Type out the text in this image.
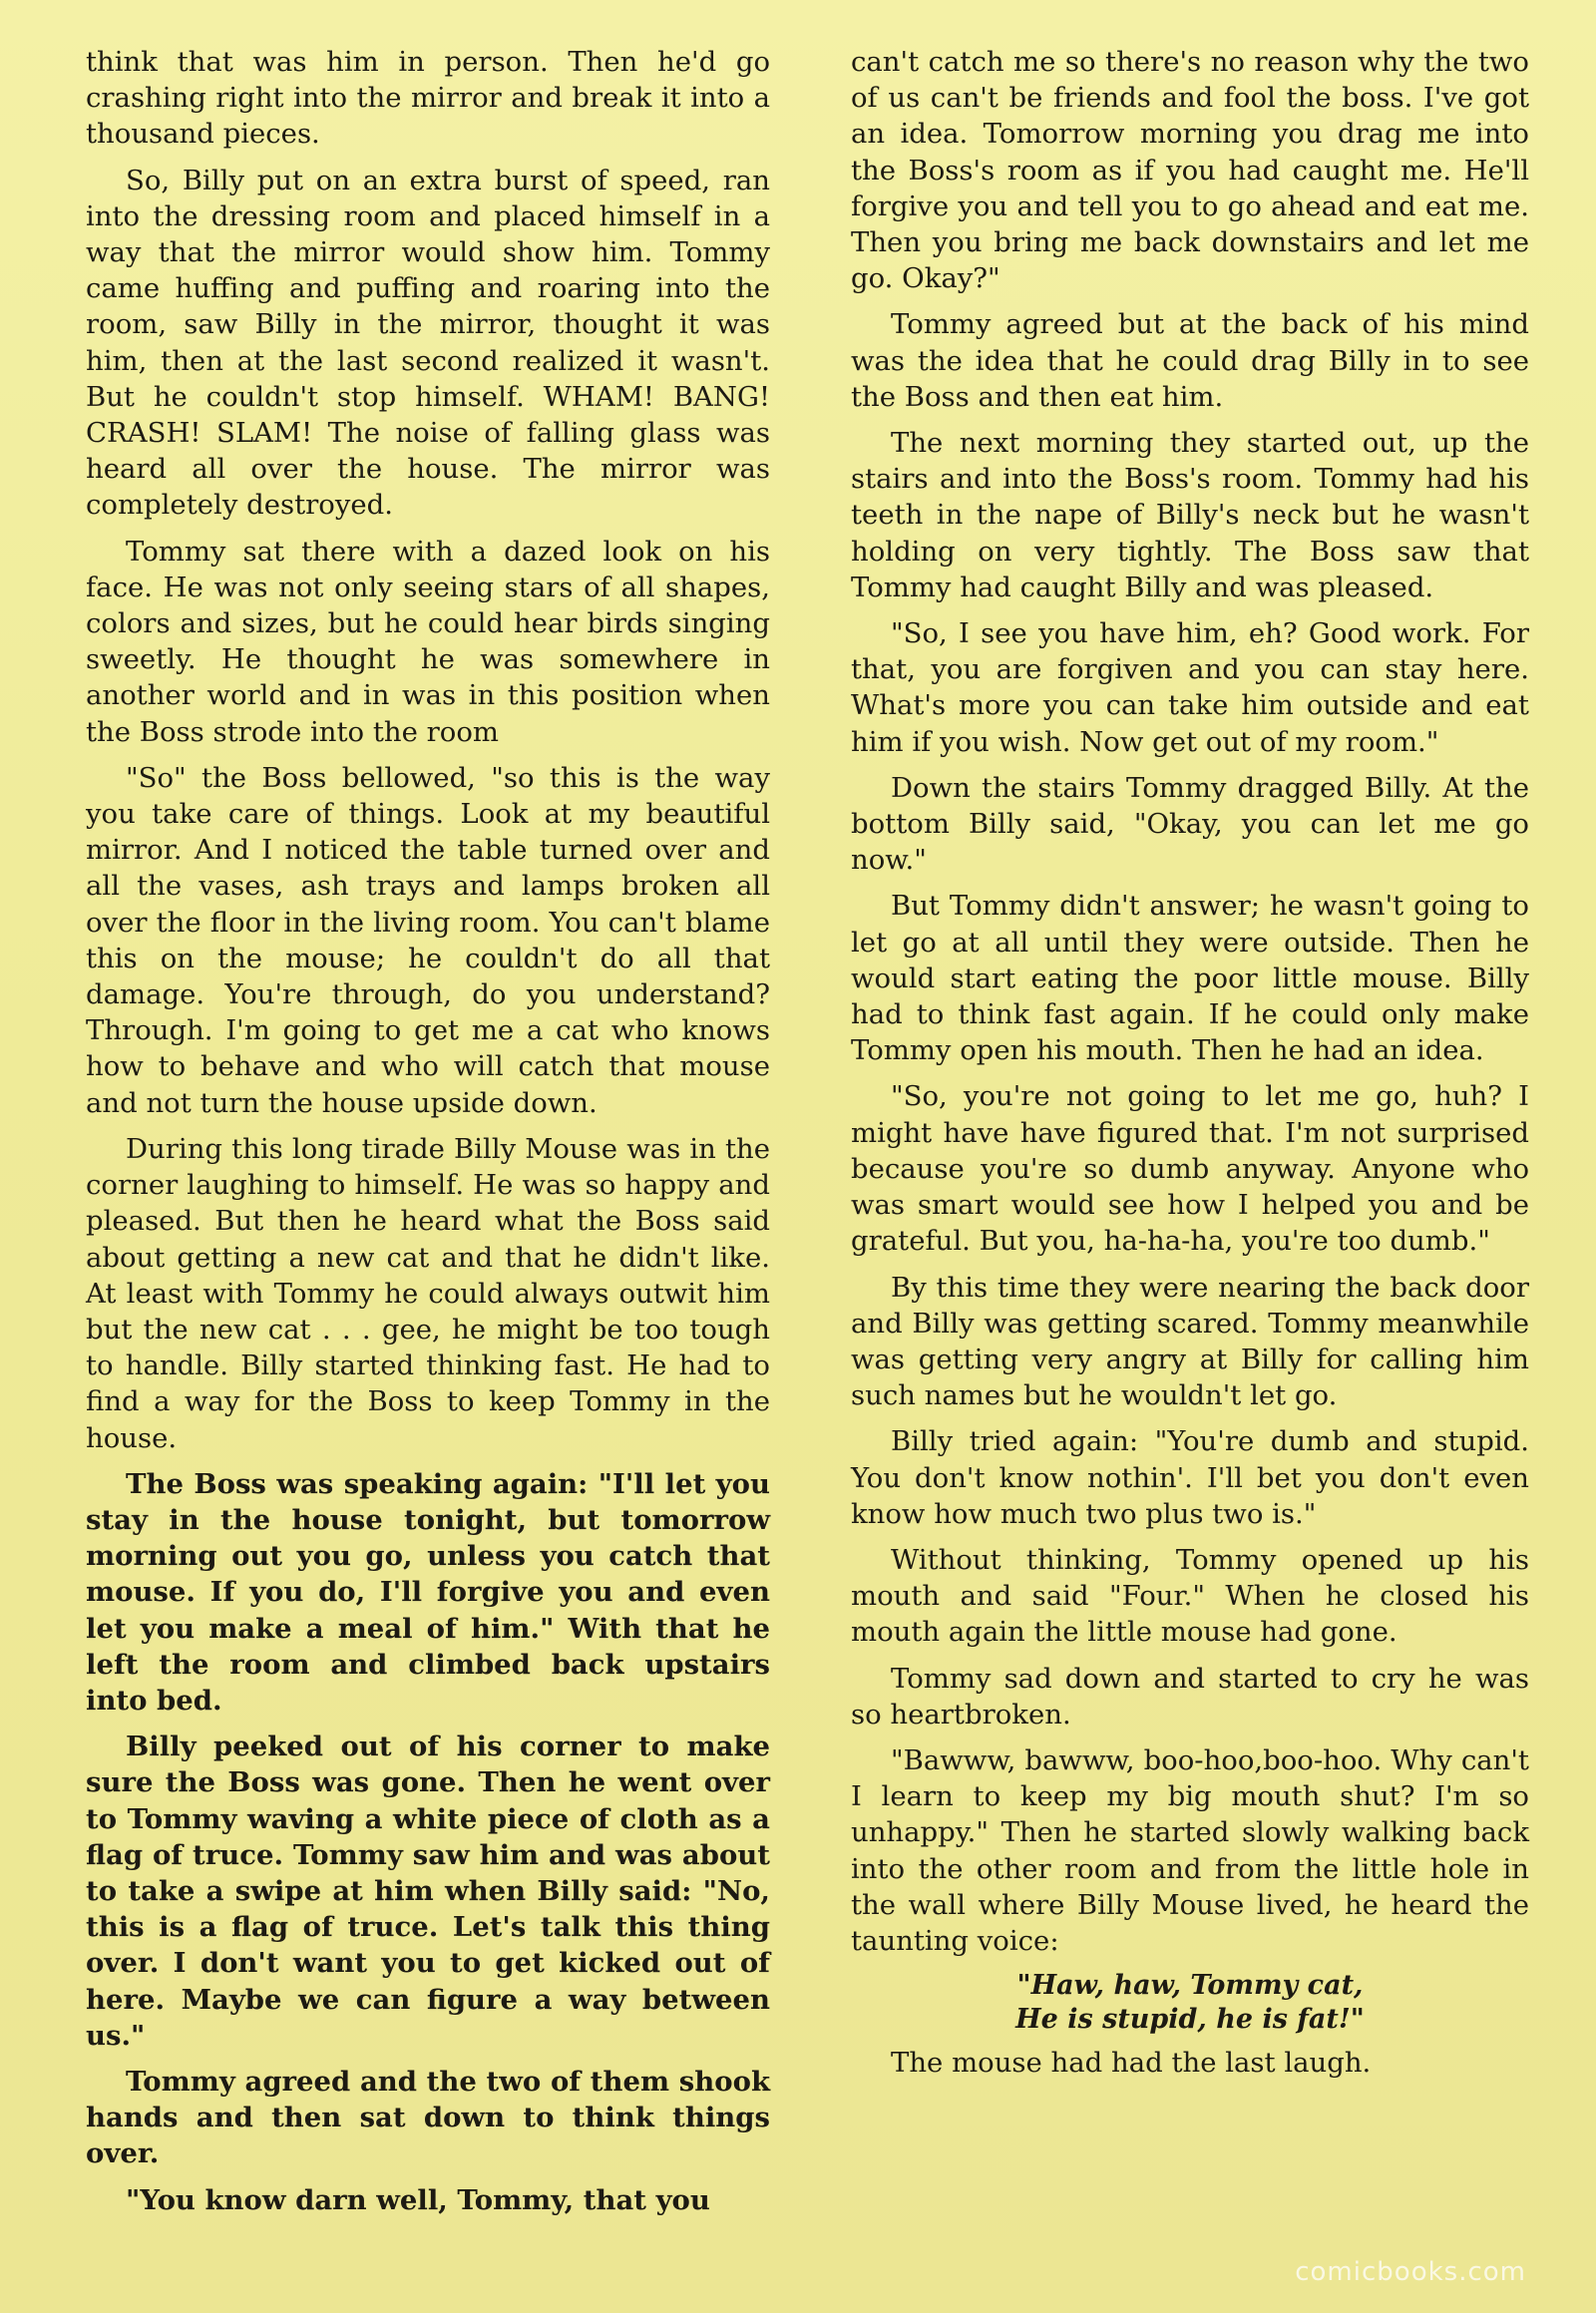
think that was him in person. Then he'd go crashing right into the mirror and break it into a thousand pieces.

So, Billy put on an extra burst of speed, ran into the dressing room and placed himself in a way that the mirror would show him. Tommy came huffing and puffing and roaring into the room, saw Billy in the mirror, thought it was him, then at the last second realized it wasn't. But he couldn't stop himself. WHAM! BANG! CRASH! SLAM! The noise of falling glass was heard all over the house. The mirror was completely destroyed.

Tommy sat there with a dazed look on his face. He was not only seeing stars of all shapes, colors and sizes, but he could hear birds singing sweetly. He thought he was somewhere in another world and in was in this position when the Boss strode into the room

"So" the Boss bellowed, "so this is the way you take care of things. Look at my beautiful mirror. And I noticed the table turned over and all the vases, ash trays and lamps broken all over the floor in the living room. You can't blame this on the mouse; he couldn't do all that damage. You're through, do you understand? Through. I'm going to get me a cat who knows how to behave and who will catch that mouse and not turn the house upside down.

During this long tirade Billy Mouse was in the corner laughing to himself. He was so happy and pleased. But then he heard what the Boss said about getting a new cat and that he didn't like. At least with Tommy he could always outwit him but the new cat . . . gee, he might be too tough to handle. Billy started thinking fast. He had to find a way for the Boss to keep Tommy in the house.

The Boss was speaking again: "I'll let you stay in the house tonight, but tomorrow morning out you go, unless you catch that mouse. If you do, I'll forgive you and even let you make a meal of him." With that he left the room and climbed back upstairs into bed.

Billy peeked out of his corner to make sure the Boss was gone. Then he went over to Tommy waving a white piece of cloth as a flag of truce. Tommy saw him and was about to take a swipe at him when Billy said: "No, this is a flag of truce. Let's talk this thing over. I don't want you to get kicked out of here. Maybe we can figure a way between us."

Tommy agreed and the two of them shook hands and then sat down to think things over.

"You know darn well, Tommy, that you

can't catch me so there's no reason why the two of us can't be friends and fool the boss. I've got an idea. Tomorrow morning you drag me into the Boss's room as if you had caught me. He'll forgive you and tell you to go ahead and eat me. Then you bring me back downstairs and let me go. Okay?"

Tommy agreed but at the back of his mind was the idea that he could drag Billy in to see the Boss and then eat him.

The next morning they started out, up the stairs and into the Boss's room. Tommy had his teeth in the nape of Billy's neck but he wasn't holding on very tightly. The Boss saw that Tommy had caught Billy and was pleased.

"So, I see you have him, eh? Good work. For that, you are forgiven and you can stay here. What's more you can take him outside and eat him if you wish. Now get out of my room."

Down the stairs Tommy dragged Billy. At the bottom Billy said, "Okay, you can let me go now."

But Tommy didn't answer; he wasn't going to let go at all until they were outside. Then he would start eating the poor little mouse. Billy had to think fast again. If he could only make Tommy open his mouth. Then he had an idea.

"So, you're not going to let me go, huh? I might have have figured that. I'm not surprised because you're so dumb anyway. Anyone who was smart would see how I helped you and be grateful. But you, ha-ha-ha, you're too dumb."

By this time they were nearing the back door and Billy was getting scared. Tommy meanwhile was getting very angry at Billy for calling him such names but he wouldn't let go.

Billy tried again: "You're dumb and stupid. You don't know nothin'. I'll bet you don't even know how much two plus two is."

Without thinking, Tommy opened up his mouth and said "Four." When he closed his mouth again the little mouse had gone.

Tommy sad down and started to cry he was so heartbroken.

"Bawww, bawww, boo-hoo,boo-hoo. Why can't I learn to keep my big mouth shut? I'm so unhappy." Then he started slowly walking back into the other room and from the little hole in the wall where Billy Mouse lived, he heard the taunting voice:

"Haw, haw, Tommy cat,
He is stupid, he is fat!"

The mouse had had the last laugh.

comicbooks.com
